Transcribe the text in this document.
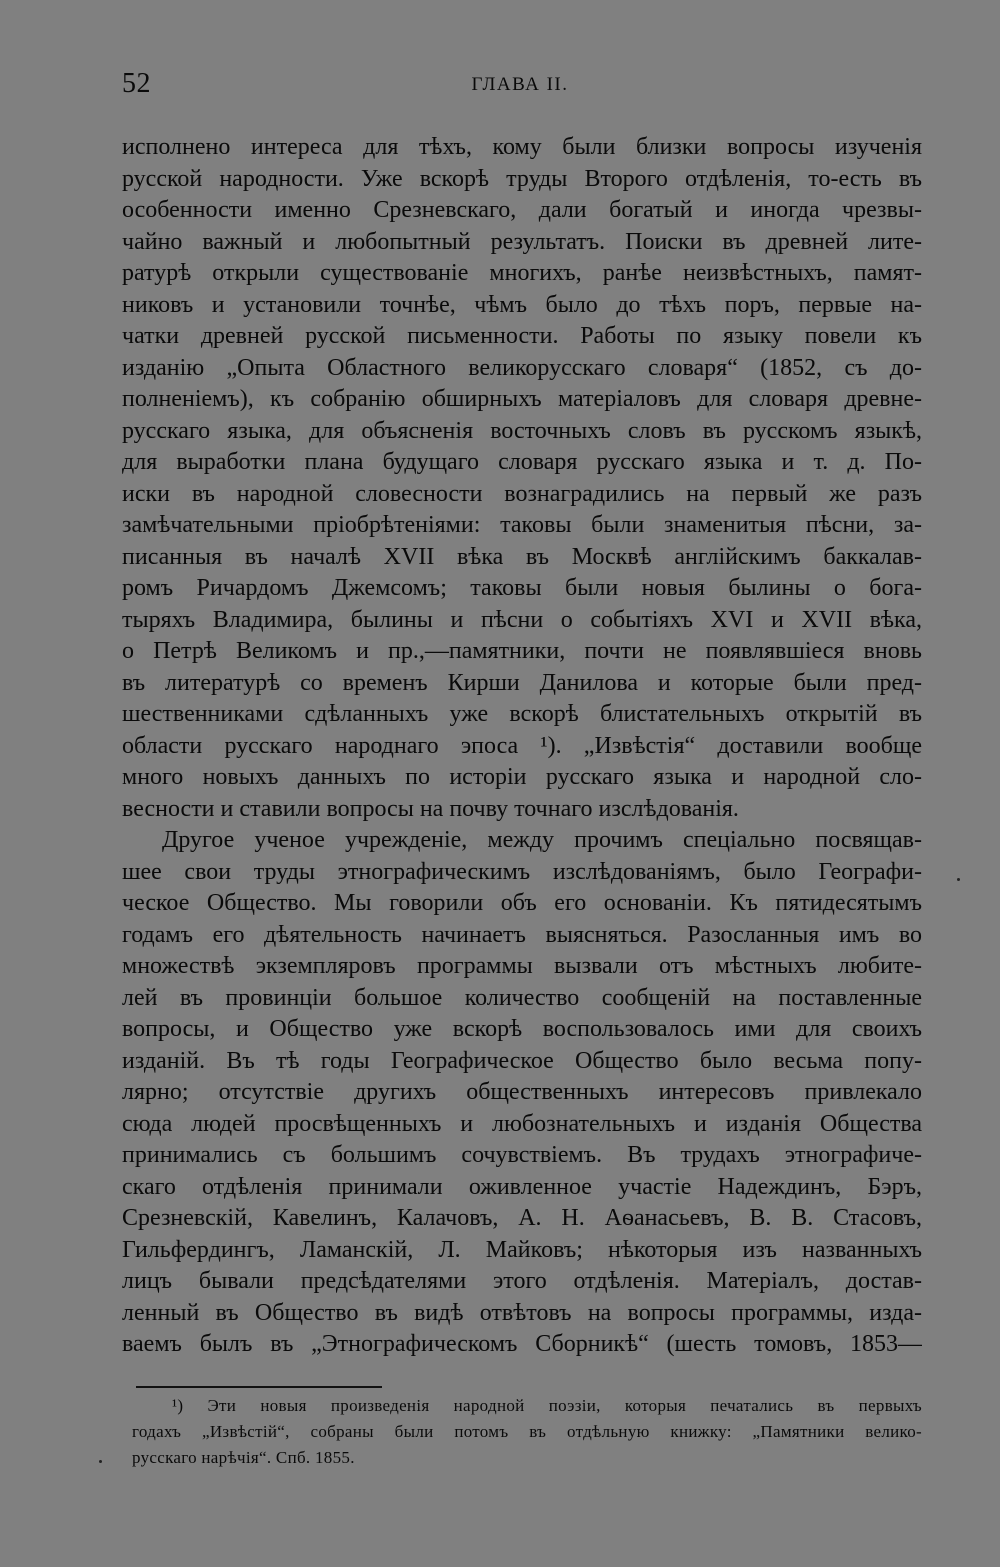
52	ГЛАВА II.
исполнено интереса для тѣхъ, кому были близки вопросы изученія
русской народности. Уже вскорѣ труды Второго отдѣленія, то-есть въ
особенности именно Срезневскаго, дали богатый и иногда чрезвы-
чайно важный и любопытный результатъ. Поиски въ древней лите-
ратурѣ открыли существованіе многихъ, ранѣе неизвѣстныхъ, памят-
никовъ и установили точнѣе, чѣмъ было до тѣхъ поръ, первые на-
чатки древней русской письменности. Работы по языку повели къ
изданію „Опыта Областного великорусскаго словаря“ (1852, съ до-
полненіемъ), къ собранію обширныхъ матеріаловъ для словаря древне-
русскаго языка, для объясненія восточныхъ словъ въ русскомъ языкѣ,
для выработки плана будущаго словаря русскаго языка и т. д. По-
иски въ народной словесности вознаградились на первый же разъ
замѣчательными пріобрѣтеніями: таковы были знаменитыя пѣсни, за-
писанныя въ началѣ XVII вѣка въ Москвѣ англійскимъ баккалав-
ромъ Ричардомъ Джемсомъ; таковы были новыя былины о бога-
тыряхъ Владимира, былины и пѣсни о событіяхъ XVI и XVII вѣка,
о Петрѣ Великомъ и пр.,—памятники, почти не появлявшіеся вновь
въ литературѣ со временъ Кирши Данилова и которые были пред-
шественниками сдѣланныхъ уже вскорѣ блистательныхъ открытій въ
области русскаго народнаго эпоса ¹). „Извѣстія“ доставили вообще
много новыхъ данныхъ по исторіи русскаго языка и народной сло-
весности и ставили вопросы на почву точнаго изслѣдованія.
Другое ученое учрежденіе, между прочимъ спеціально посвящав-
шее свои труды этнографическимъ изслѣдованіямъ, было Географи-
ческое Общество. Мы говорили объ его основаніи. Къ пятидесятымъ
годамъ его дѣятельность начинаетъ выясняться. Разосланныя имъ во
множествѣ экземпляровъ программы вызвали отъ мѣстныхъ любите-
лей въ провинціи большое количество сообщеній на поставленные
вопросы, и Общество уже вскорѣ воспользовалось ими для своихъ
изданій. Въ тѣ годы Географическое Общество было весьма попу-
лярно; отсутствіе другихъ общественныхъ интересовъ привлекало
сюда людей просвѣщенныхъ и любознательныхъ и изданія Общества
принимались съ большимъ сочувствіемъ. Въ трудахъ этнографиче-
скаго отдѣленія принимали оживленное участіе Надеждинъ, Бэръ,
Срезневскій, Кавелинъ, Калачовъ, А. Н. Аѳанасьевъ, В. В. Стасовъ,
Гильфердингъ, Ламанскій, Л. Майковъ; нѣкоторыя изъ названныхъ
лицъ бывали предсѣдателями этого отдѣленія. Матеріалъ, достав-
ленный въ Общество въ видѣ отвѣтовъ на вопросы программы, изда-
ваемъ былъ въ „Этнографическомъ Сборникѣ“ (шесть томовъ, 1853—
¹) Эти новыя произведенія народной поэзіи, которыя печатались въ первыхъ
годахъ „Извѣстій“, собраны были потомъ въ отдѣльную книжку: „Памятники велико-
русскаго нарѣчія“. Спб. 1855.
